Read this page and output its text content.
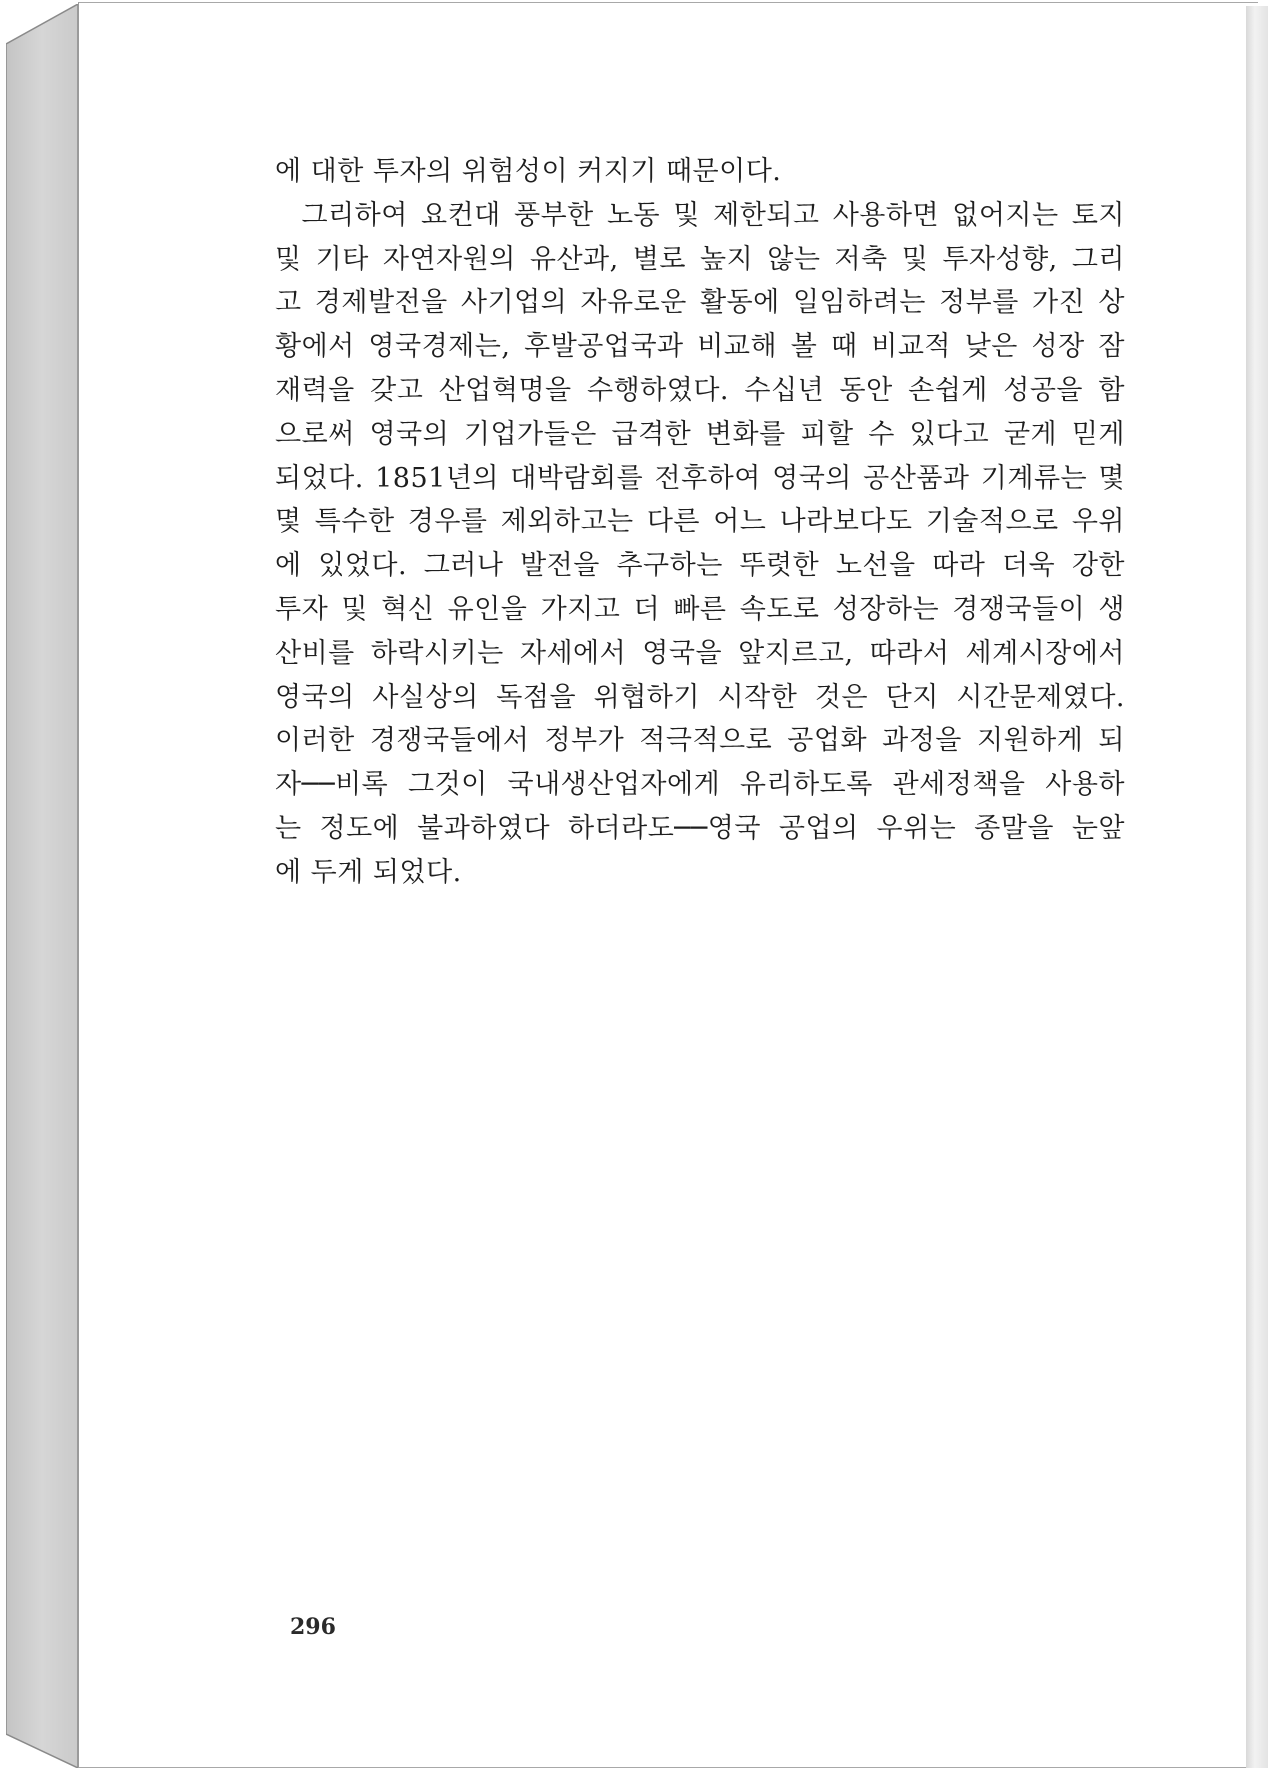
에 대한 투자의 위험성이 커지기 때문이다.
그리하여 요컨대 풍부한 노동 및 제한되고 사용하면 없어지는 토지
및 기타 자연자원의 유산과, 별로 높지 않는 저축 및 투자성향, 그리
고 경제발전을 사기업의 자유로운 활동에 일임하려는 정부를 가진 상
황에서 영국경제는, 후발공업국과 비교해 볼 때 비교적 낮은 성장 잠
재력을 갖고 산업혁명을 수행하였다. 수십년 동안 손쉽게 성공을 함
으로써 영국의 기업가들은 급격한 변화를 피할 수 있다고 굳게 믿게
되었다. 1851년의 대박람회를 전후하여 영국의 공산품과 기계류는 몇
몇 특수한 경우를 제외하고는 다른 어느 나라보다도 기술적으로 우위
에 있었다. 그러나 발전을 추구하는 뚜렷한 노선을 따라 더욱 강한
투자 및 혁신 유인을 가지고 더 빠른 속도로 성장하는 경쟁국들이 생
산비를 하락시키는 자세에서 영국을 앞지르고, 따라서 세계시장에서
영국의 사실상의 독점을 위협하기 시작한 것은 단지 시간문제였다.
이러한 경쟁국들에서 정부가 적극적으로 공업화 과정을 지원하게 되
자──비록 그것이 국내생산업자에게 유리하도록 관세정책을 사용하
는 정도에 불과하였다 하더라도──영국 공업의 우위는 종말을 눈앞
에 두게 되었다.
296
